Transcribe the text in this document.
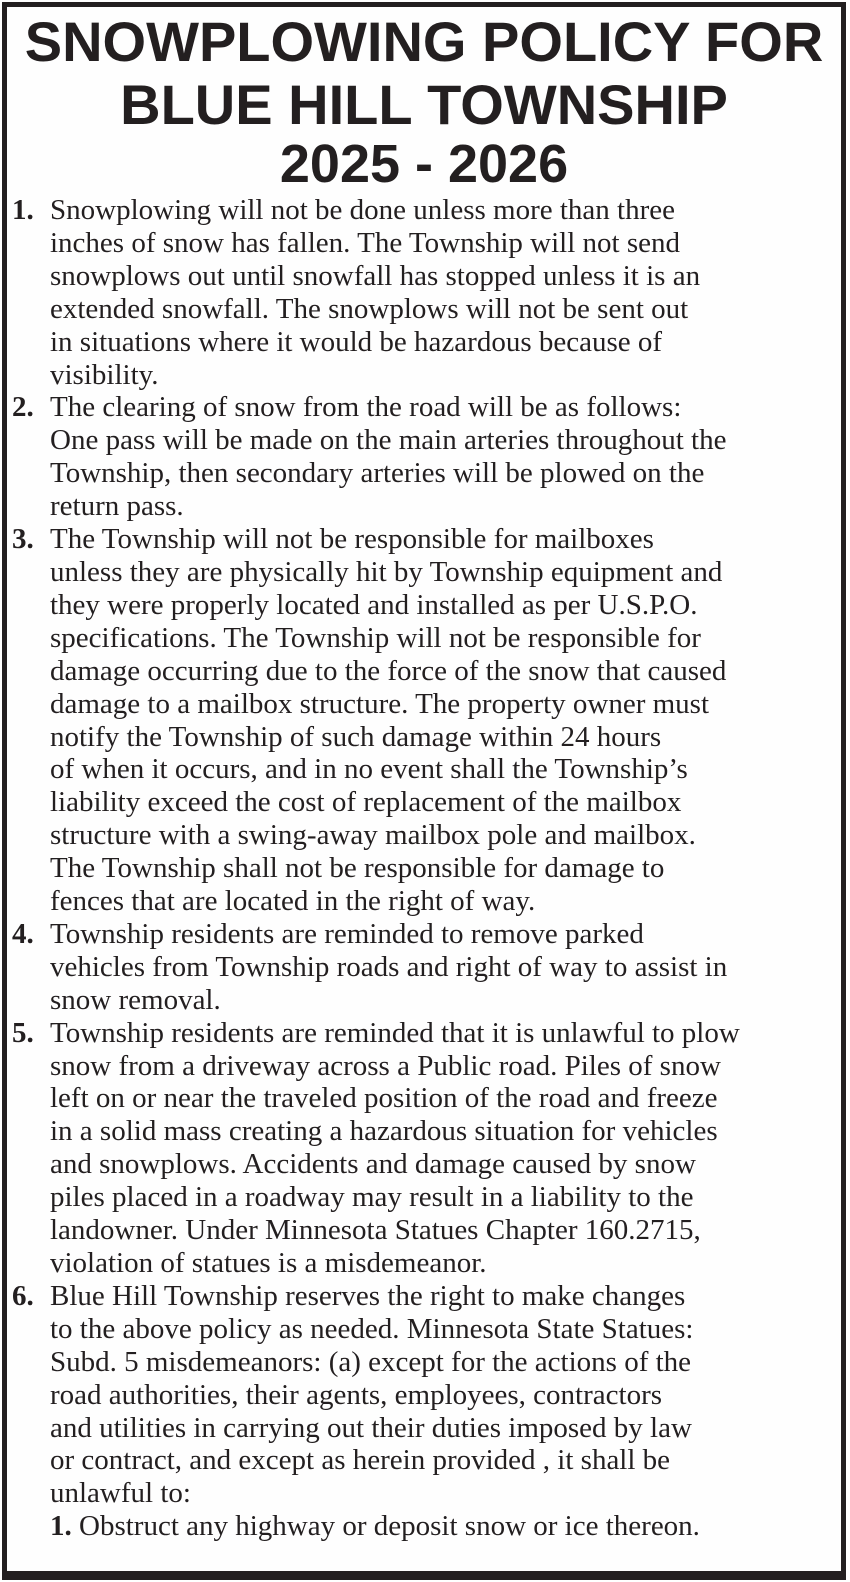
SNOWPLOWING POLICY FOR
BLUE HILL TOWNSHIP
2025 - 2026
1. Snowplowing will not be done unless more than three
inches of snow has fallen. The Township will not send
snowplows out until snowfall has stopped unless it is an
extended snowfall. The snowplows will not be sent out
in situations where it would be hazardous because of
visibility.
2. The clearing of snow from the road will be as follows:
One pass will be made on the main arteries throughout the
Township, then secondary arteries will be plowed on the
return pass.
3. The Township will not be responsible for mailboxes
unless they are physically hit by Township equipment and
they were properly located and installed as per U.S.P.O.
specifications. The Township will not be responsible for
damage occurring due to the force of the snow that caused
damage to a mailbox structure. The property owner must
notify the Township of such damage within 24 hours
of when it occurs, and in no event shall the Township’s
liability exceed the cost of replacement of the mailbox
structure with a swing-away mailbox pole and mailbox.
The Township shall not be responsible for damage to
fences that are located in the right of way.
4. Township residents are reminded to remove parked
vehicles from Township roads and right of way to assist in
snow removal.
5. Township residents are reminded that it is unlawful to plow
snow from a driveway across a Public road. Piles of snow
left on or near the traveled position of the road and freeze
in a solid mass creating a hazardous situation for vehicles
and snowplows. Accidents and damage caused by snow
piles placed in a roadway may result in a liability to the
landowner. Under Minnesota Statues Chapter 160.2715,
violation of statues is a misdemeanor.
6. Blue Hill Township reserves the right to make changes
to the above policy as needed. Minnesota State Statues:
Subd. 5 misdemeanors: (a) except for the actions of the
road authorities, their agents, employees, contractors
and utilities in carrying out their duties imposed by law
or contract, and except as herein provided , it shall be
unlawful to:
1. Obstruct any highway or deposit snow or ice thereon.
